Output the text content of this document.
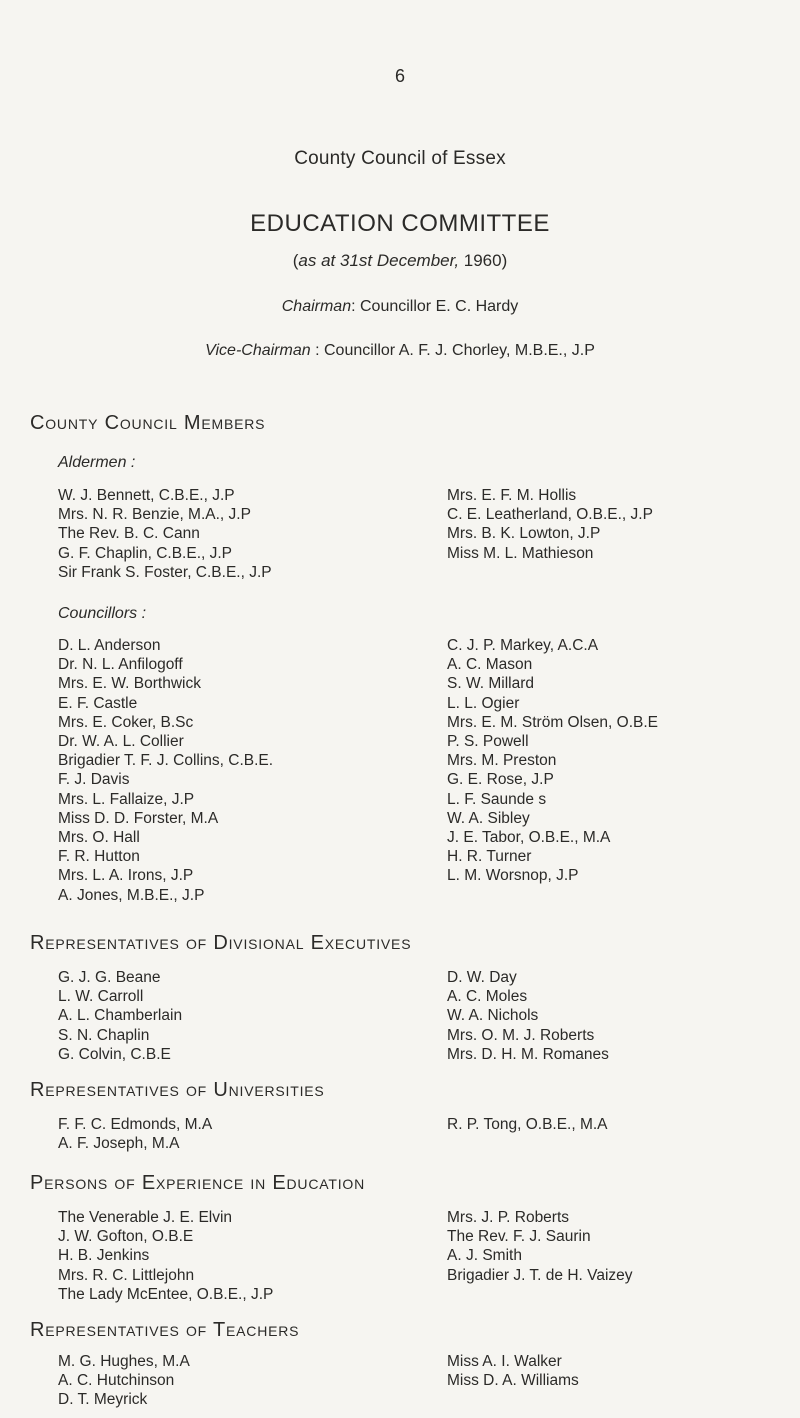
6
County Council of Essex
EDUCATION COMMITTEE
(as at 31st December, 1960)
Chairman: Councillor E. C. Hardy
Vice-Chairman : Councillor A. F. J. Chorley, M.B.E., J.P
County Council Members
Aldermen :
W. J. Bennett, C.B.E., J.P
Mrs. N. R. Benzie, M.A., J.P
The Rev. B. C. Cann
G. F. Chaplin, C.B.E., J.P
Sir Frank S. Foster, C.B.E., J.P
Mrs. E. F. M. Hollis
C. E. Leatherland, O.B.E., J.P
Mrs. B. K. Lowton, J.P
Miss M. L. Mathieson
Councillors :
D. L. Anderson
Dr. N. L. Anfilogoff
Mrs. E. W. Borthwick
E. F. Castle
Mrs. E. Coker, B.Sc
Dr. W. A. L. Collier
Brigadier T. F. J. Collins, C.B.E.
F. J. Davis
Mrs. L. Fallaize, J.P
Miss D. D. Forster, M.A
Mrs. O. Hall
F. R. Hutton
Mrs. L. A. Irons, J.P
A. Jones, M.B.E., J.P
C. J. P. Markey, A.C.A
A. C. Mason
S. W. Millard
L. L. Ogier
Mrs. E. M. Ström Olsen, O.B.E
P. S. Powell
Mrs. M. Preston
G. E. Rose, J.P
L. F. Saunde s
W. A. Sibley
J. E. Tabor, O.B.E., M.A
H. R. Turner
L. M. Worsnop, J.P
Representatives of Divisional Executives
G. J. G. Beane
L. W. Carroll
A. L. Chamberlain
S. N. Chaplin
G. Colvin, C.B.E
D. W. Day
A. C. Moles
W. A. Nichols
Mrs. O. M. J. Roberts
Mrs. D. H. M. Romanes
Representatives of Universities
F. F. C. Edmonds, M.A
A. F. Joseph, M.A
R. P. Tong, O.B.E., M.A
Persons of Experience in Education
The Venerable J. E. Elvin
J. W. Gofton, O.B.E
H. B. Jenkins
Mrs. R. C. Littlejohn
The Lady McEntee, O.B.E., J.P
Mrs. J. P. Roberts
The Rev. F. J. Saurin
A. J. Smith
Brigadier J. T. de H. Vaizey
Representatives of Teachers
M. G. Hughes, M.A
A. C. Hutchinson
D. T. Meyrick
Miss A. I. Walker
Miss D. A. Williams
